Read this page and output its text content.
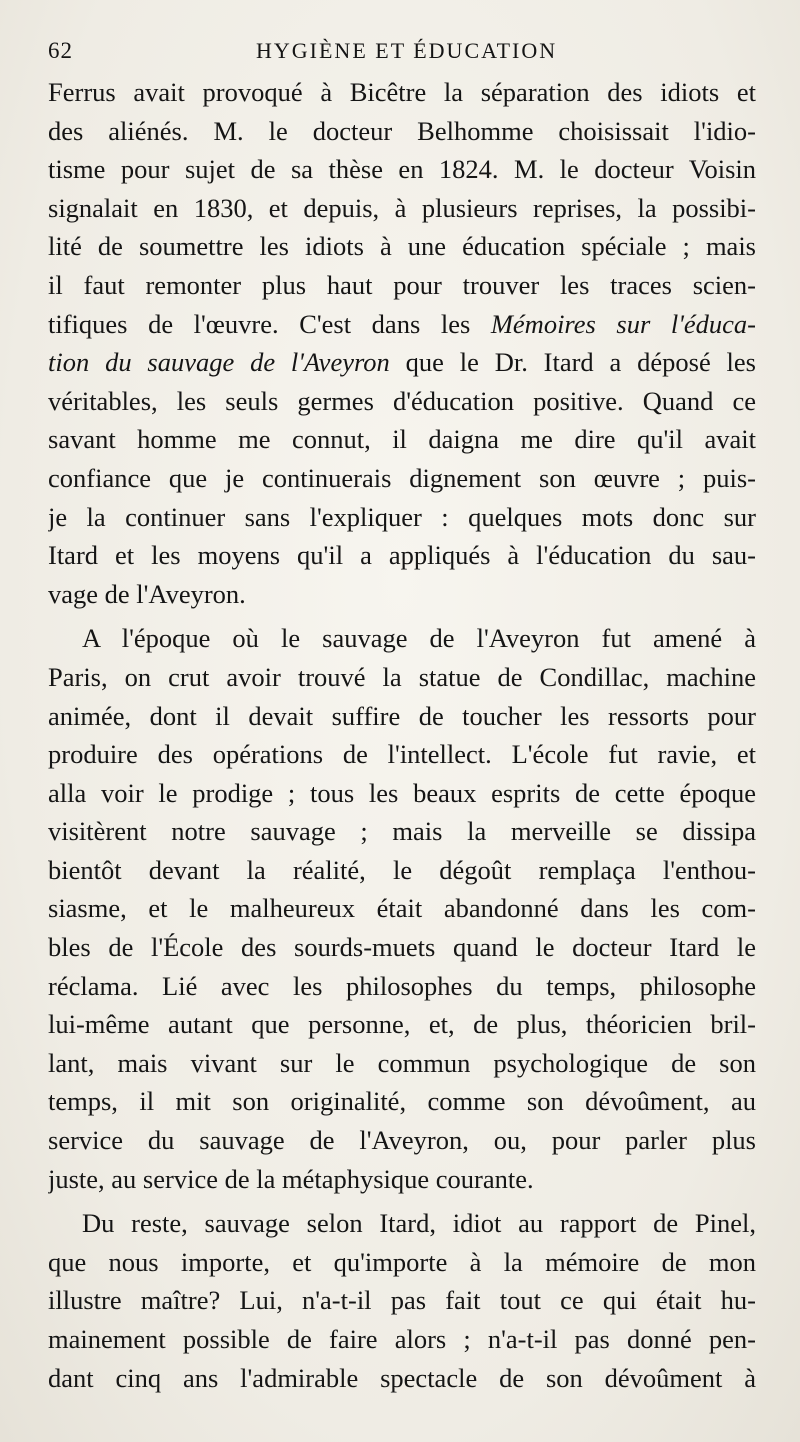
62	HYGIÈNE ET ÉDUCATION
Ferrus avait provoqué à Bicêtre la séparation des idiots et
des aliénés. M. le docteur Belhomme choisissait l'idio-
tisme pour sujet de sa thèse en 1824. M. le docteur Voisin
signalait en 1830, et depuis, à plusieurs reprises, la possibi-
lité de soumettre les idiots à une éducation spéciale ; mais
il faut remonter plus haut pour trouver les traces scien-
tifiques de l'œuvre. C'est dans les Mémoires sur l'éduca-
tion du sauvage de l'Aveyron que le Dr. Itard a déposé les
véritables, les seuls germes d'éducation positive. Quand ce
savant homme me connut, il daigna me dire qu'il avait
confiance que je continuerais dignement son œuvre ; puis-
je la continuer sans l'expliquer : quelques mots donc sur
Itard et les moyens qu'il a appliqués à l'éducation du sau-
vage de l'Aveyron.
A l'époque où le sauvage de l'Aveyron fut amené à
Paris, on crut avoir trouvé la statue de Condillac, machine
animée, dont il devait suffire de toucher les ressorts pour
produire des opérations de l'intellect. L'école fut ravie, et
alla voir le prodige ; tous les beaux esprits de cette époque
visitèrent notre sauvage ; mais la merveille se dissipa
bientôt devant la réalité, le dégoût remplaça l'enthou-
siasme, et le malheureux était abandonné dans les com-
bles de l'École des sourds-muets quand le docteur Itard le
réclama. Lié avec les philosophes du temps, philosophe
lui-même autant que personne, et, de plus, théoricien bril-
lant, mais vivant sur le commun psychologique de son
temps, il mit son originalité, comme son dévoûment, au
service du sauvage de l'Aveyron, ou, pour parler plus
juste, au service de la métaphysique courante.
Du reste, sauvage selon Itard, idiot au rapport de Pinel,
que nous importe, et qu'importe à la mémoire de mon
illustre maître? Lui, n'a-t-il pas fait tout ce qui était hu-
mainement possible de faire alors ; n'a-t-il pas donné pen-
dant cinq ans l'admirable spectacle de son dévoûment à
